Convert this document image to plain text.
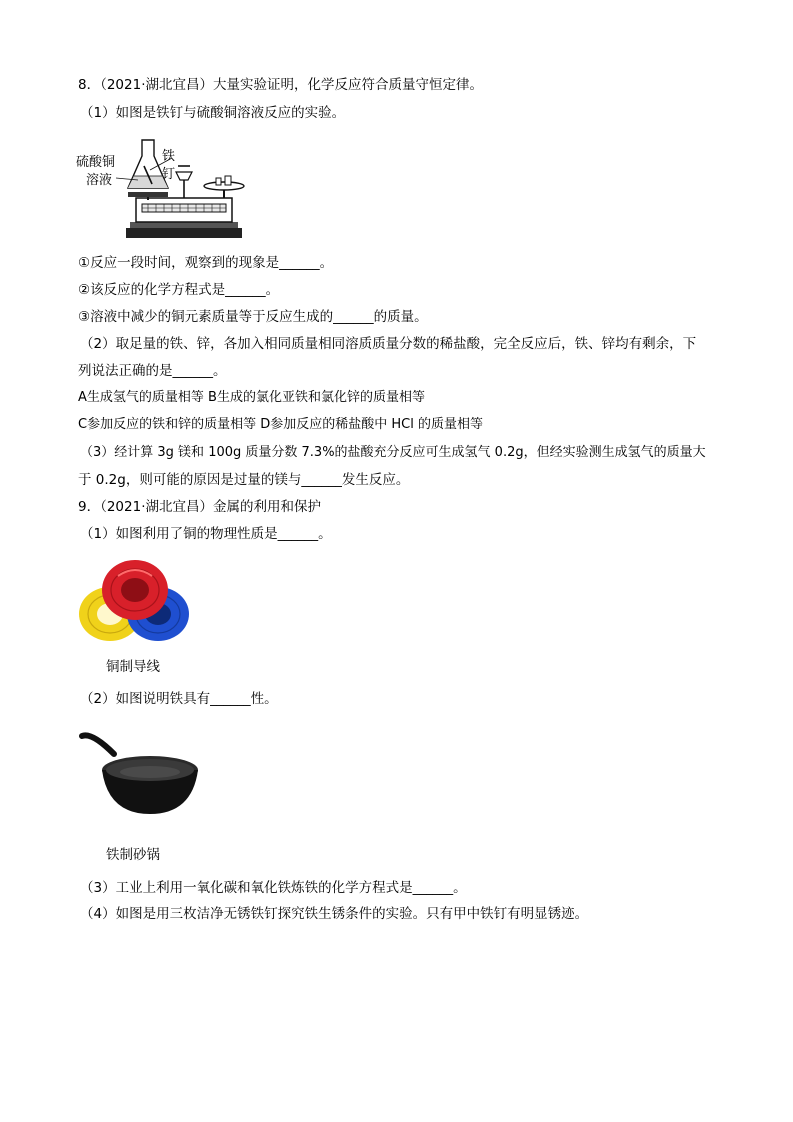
8．（2021·湖北宜昌）大量实验证明，化学反应符合质量守恒定律。
（1）如图是铁钉与硫酸铜溶液反应的实验。
硫酸铜
溶液
铁
钉
①反应一段时间，观察到的现象是______。
②该反应的化学方程式是______。
③溶液中减少的铜元素质量等于反应生成的______的质量。
（2）取足量的铁、锌，各加入相同质量相同溶质质量分数的稀盐酸，完全反应后，铁、锌均有剩余，下
列说法正确的是______。
A生成氢气的质量相等 B生成的氯化亚铁和氯化锌的质量相等
C参加反应的铁和锌的质量相等 D参加反应的稀盐酸中 HCl 的质量相等
（3）经计算 3g 镁和 100g 质量分数 7.3%的盐酸充分反应可生成氢气 0.2g，但经实验测生成氢气的质量大
于 0.2g，则可能的原因是过量的镁与______发生反应。
9．（2021·湖北宜昌）金属的利用和保护
（1）如图利用了铜的物理性质是______。
铜制导线
（2）如图说明铁具有______性。
铁制砂锅
（3）工业上利用一氧化碳和氧化铁炼铁的化学方程式是______。
（4）如图是用三枚洁净无锈铁钉探究铁生锈条件的实验。只有甲中铁钉有明显锈迹。
